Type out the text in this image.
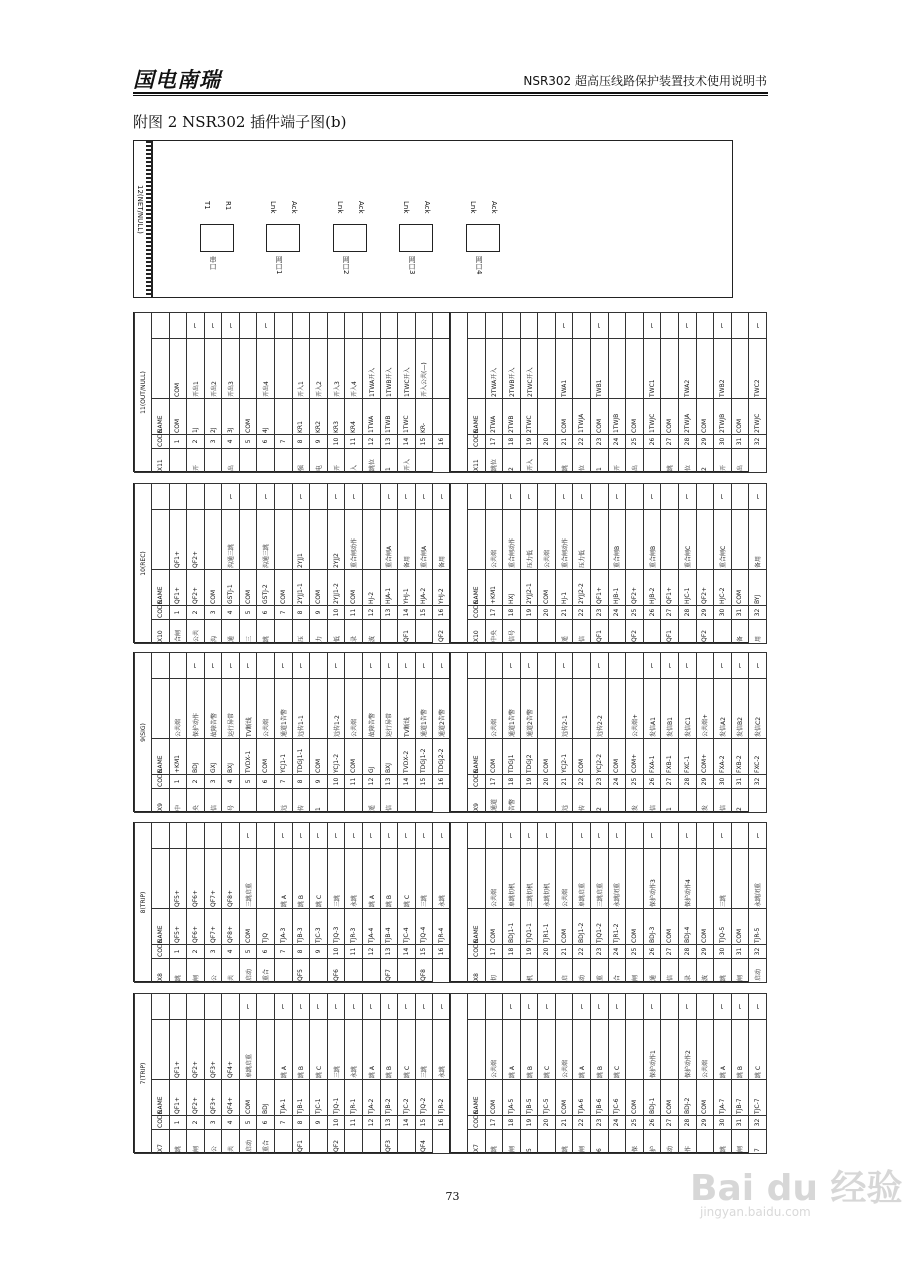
国电南瑞	NSR302 超高压线路保护装置技术使用说明书
附图 2 NSR302 插件端子图(b)
12(NET/NULL)	T1 R1
串口
Lnk Ack
网口1
Lnk Ack
网口2
Lnk Ack
网口3
Lnk Ack
网口4
11(OUT/NULL)				
X11	CODE	NAME		
	1	COM	COM	
开	2	1J	开出1	⌐
	3	2J	开出2	⌐
出	4	3J	开出3	⌐
	5	COM		
	6	4J	开出4	⌐
	7			
强	8	KR1	开入1	
电	9	KR2	开入2	
开	10	KR3	开入3	
入	11	KR4	开入4	
跳位	12	1TWA	1TWA开入	
1	13	1TWB	1TWB开入	
开入	14	1TWC	1TWC开入	
	15	KR-	开入公共(—)	
	16			

X11	CODE	NAME		
跳位	17	2TWA	2TWA开入	
2	18	2TWB	2TWB开入	
开入	19	2TWC	2TWC开入	
	20			
跳	21	COM	TWA1	⌐
位	22	1TWJA		
1	23	COM	TWB1	⌐
开	24	1TWJB		
出	25	COM		
	26	1TWJC	TWC1	⌐
跳	27	COM		
位	28	2TWJA	TWA2	⌐
2	29	COM		
开	30	2TWJB	TWB2	⌐
出	31	COM		
	32	2TWJC	TWC2	⌐
10(REC)				
X10	CODE	NAME		
合闸	1	QF1+	QF1+	
公共	2	QF2+	QF2+	
沟	3	COM		
通	4	GSTJ-1	沟通三跳	⌐
三	5	COM		
跳	6	GSTJ-2	沟通三跳	⌐
	7	COM		
压	8	2YJJ1-1	2YJJ1	⌐
力	9	COM		
低	10	2YJJ1-2	2YJJ2	⌐
录	11	COM	重合闸动作	⌐
波	12	HJ-2		
	13	HJA-1	重合闸A	⌐
QF1	14	YHJ-1	备用	⌐
	15	HJA-2	重合闸A	⌐
QF2	16	YHJ-2	备用	⌐

X10	CODE	NAME		
中央	17	+KM1	公共端	
信号	18	HXJ	重合闸动作	⌐
	19	2YJJ2-1	压力低	⌐
	20	COM	公共端	
遥	21	HJ-1	重合闸动作	⌐
信	22	2YJJ2-2	压力低	⌐
QF1	23	QF1+		
	24	HJB-1	重合闸B	⌐
QF2	25	QF2+		
	26	HJB-2	重合闸B	⌐
QF1	27	QF1+		
	28	HJC-1	重合闸C	⌐
QF2	29	QF2+		
	30	HJC-2	重合闸C	⌐
备	31	COM		
用	32	BYJ	备用	⌐
9(SIG)				
X9	CODE	NAME		
中	1	+KM1	公共端	
央	2	BDJ	保护动作	⌐
信	3	GXJ	故障告警	⌐
号	4	BXJ	运行异常	⌐
	5	TVDX-1	TV断线	⌐
	6	COM	公共端	
远	7	YCJ1-1	通道1告警	⌐
传	8	TDGJ1-1	远传1-1	⌐
1	9	COM		
	10	YCJ1-2	远传1-2	⌐
	11	COM	公共端	
遥	12	GJ	故障告警	⌐
信	13	BXJ	运行异常	⌐
	14	TVDX-2	TV断线	⌐
	15	TDGJ1-2	通道1告警	⌐
	16	TDGJ2-2	通道2告警	⌐

X9	CODE	NAME		
通道	17	COM	公共端	
告警	18	TDGJ1	通道1告警	⌐
	19	TDGJ2	通道2告警	⌐
	20	COM		
远	21	YCJ2-1	远传2-1	⌐
传	22	COM		
2	23	YCJ2-2	远传2-2	⌐
	24	COM		
发	25	COM+	公共端+	
信	26	FXA-1	发信A1	⌐
1	27	FXB-1	发信B1	⌐
	28	FXC-1	发信C1	⌐
发	29	COM+	公共端+	
信	30	FXA-2	发信A2	⌐
2	31	FXB-2	发信B2	⌐
	32	FXC-2	发信C2	⌐
8(TRIP)				
X8	CODE	NAME		
跳	1	QF5+	QF5+	
闸	2	QF6+	QF6+	
公	3	QF7+	QF7+	
共	4	QF8+	QF8+	
启动	5	COM	三跳启重	⌐
重合	6	TJQ		
	7	TJA-3	跳 A	⌐
QF5	8	TJB-3	跳 B	⌐
	9	TJC-3	跳 C	⌐
QF6	10	TJQ-3	三跳	⌐
	11	TJR-3	永跳	⌐
	12	TJA-4	跳 A	⌐
QF7	13	TJB-4	跳 B	⌐
	14	TJC-4	跳 C	⌐
QF8	15	TJQ-4	三跳	⌐
	16	TJR-4	永跳	⌐

X8	CODE	NAME		
切	17	COM	公共端	
	18	BDJ1-1	单跳切机	⌐
机	19	TJQ1-1	三跳切机	⌐
	20	TJR1-1	永跳切机	⌐
启	21	COM	公共端	
动	22	BDJ1-2	单跳启重	⌐
重	23	TJQ1-2	三跳启重	⌐
合	24	TJR1-2	永跳闭重	⌐
闸	25	COM		
通	26	BDJ-3	保护动作3	⌐
信	27	COM		
录	28	BDJ-4	保护动作4	⌐
波	29	COM		
跳	30	TJQ-5	三跳	⌐
闸	31	COM		
启动	32	TJR-5	永跳闭重	⌐
7(TRIP)				
X7	CODE	NAME		
跳	1	QF1+	QF1+	
闸	2	QF2+	QF2+	
公	3	QF3+	QF3+	
共	4	QF4+	QF4+	
启动	5	COM	单跳启重	⌐
重合	6	BDJ		
	7	TJA-1	跳 A	⌐
QF1	8	TJB-1	跳 B	⌐
	9	TJC-1	跳 C	⌐
QF2	10	TJQ-1	三跳	⌐
	11	TJR-1	永跳	⌐
	12	TJA-2	跳 A	⌐
QF3	13	TJB-2	跳 B	⌐
	14	TJC-2	跳 C	⌐
QF4	15	TJQ-2	三跳	⌐
	16	TJR-2	永跳	⌐

X7	CODE	NAME		
跳	17	COM	公共端	
闸	18	TJA-5	跳 A	⌐
5	19	TJB-5	跳 B	⌐
	20	TJC-5	跳 C	⌐
跳	21	COM	公共端	
闸	22	TJA-6	跳 A	⌐
6	23	TJB-6	跳 B	⌐
	24	TJC-6	跳 C	⌐
保	25	COM		
护	26	BDJ-1	保护动作1	⌐
动	27	COM		
作	28	BDJ-2	保护动作2	⌐
	29	COM	公共端	
跳	30	TJA-7	跳 A	⌐
闸	31	TJB-7	跳 B	⌐
7	32	TJC-7	跳 C	⌐
73	Bai du 经验
jingyan.baidu.com
